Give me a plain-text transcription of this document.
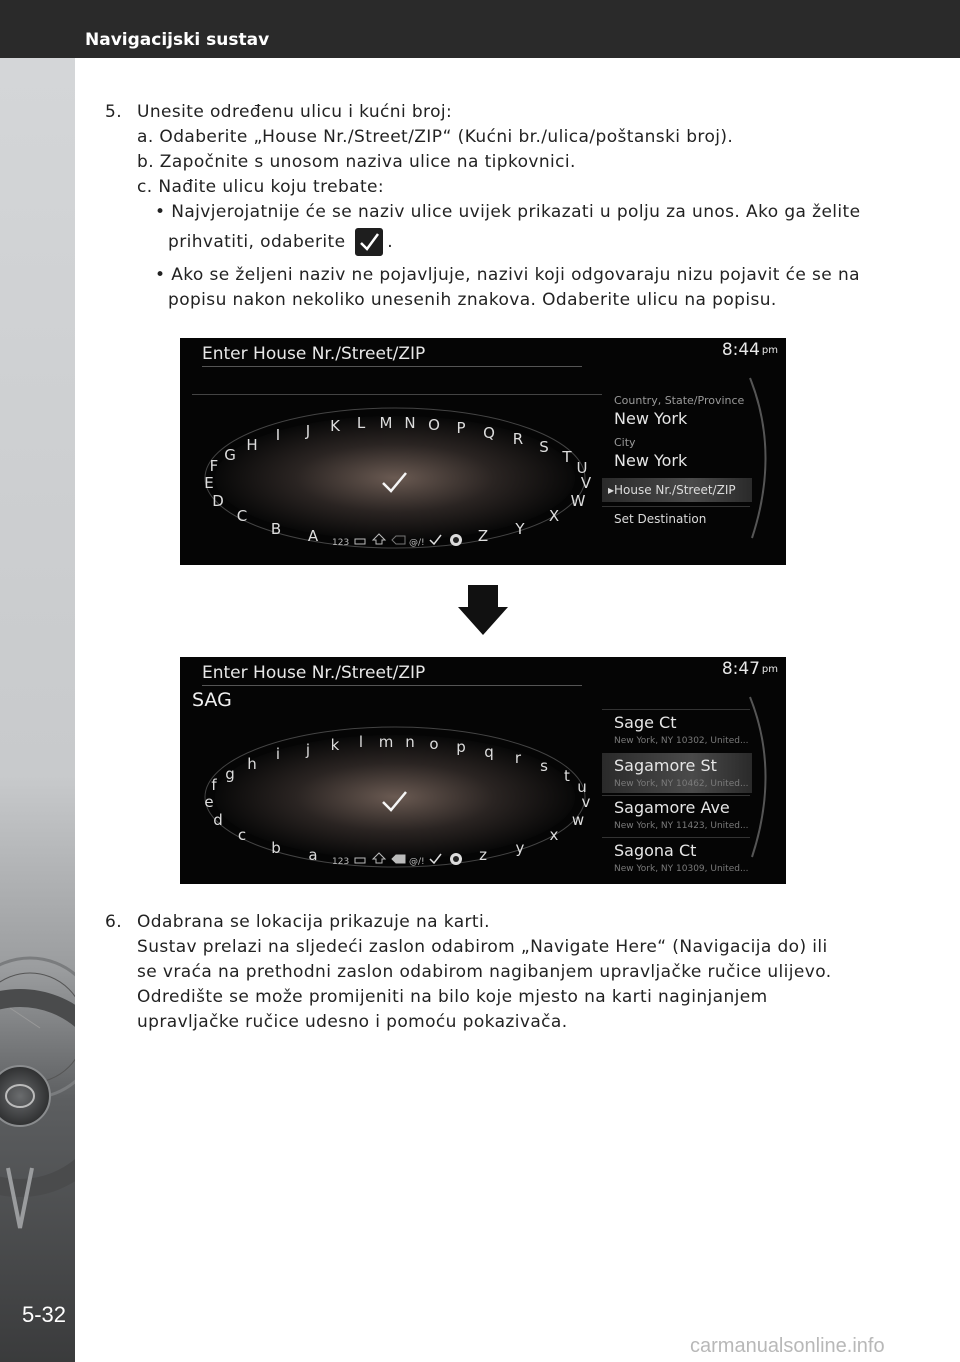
Navigacijski sustav
5-32
5. Unesite određenu ulicu i kućni broj:
a. Odaberite „House Nr./Street/ZIP“ (Kućni br./ulica/poštanski broj).
b. Započnite s unosom naziva ulice na tipkovnici.
c. Nađite ulicu koju trebate:
• Najvjerojatnije će se naziv ulice uvijek prikazati u polju za unos. Ako ga želite
prihvatiti, odaberite .
• Ako se željeni naziv ne pojavljuje, nazivi koji odgovaraju nizu pojavit će se na
popisu nakon nekoliko unesenih znakova. Odaberite ulicu na popisu.
Enter House Nr./Street/ZIP	8:44 pm
A
B
C
D
E
F
G
H
I J K L M N O P Q R S
T
U
V
W
X
Y
Z
123	@/!
Country, State/Province
New York
City
New York
▸ House Nr./Street/ZIP
Set Destination
Enter House Nr./Street/ZIP	8:47 pm
SAG
a
b
c
d
e
f
g
h
i j k l m n o p q r s
t
u
v
w
x
y
z
123	@/!
Sage Ct
New York, NY 10302, United...
Sagamore St
New York, NY 10462, United...
Sagamore Ave
New York, NY 11423, United...
Sagona Ct
New York, NY 10309, United...
6. Odabrana se lokacija prikazuje na karti.
Sustav prelazi na sljedeći zaslon odabirom „Navigate Here“ (Navigacija do) ili
se vraća na prethodni zaslon odabirom nagibanjem upravljačke ručice ulijevo.
Odredište se može promijeniti na bilo koje mjesto na karti naginjanjem
upravljačke ručice udesno i pomoću pokazivača.
carmanualsonline.info
